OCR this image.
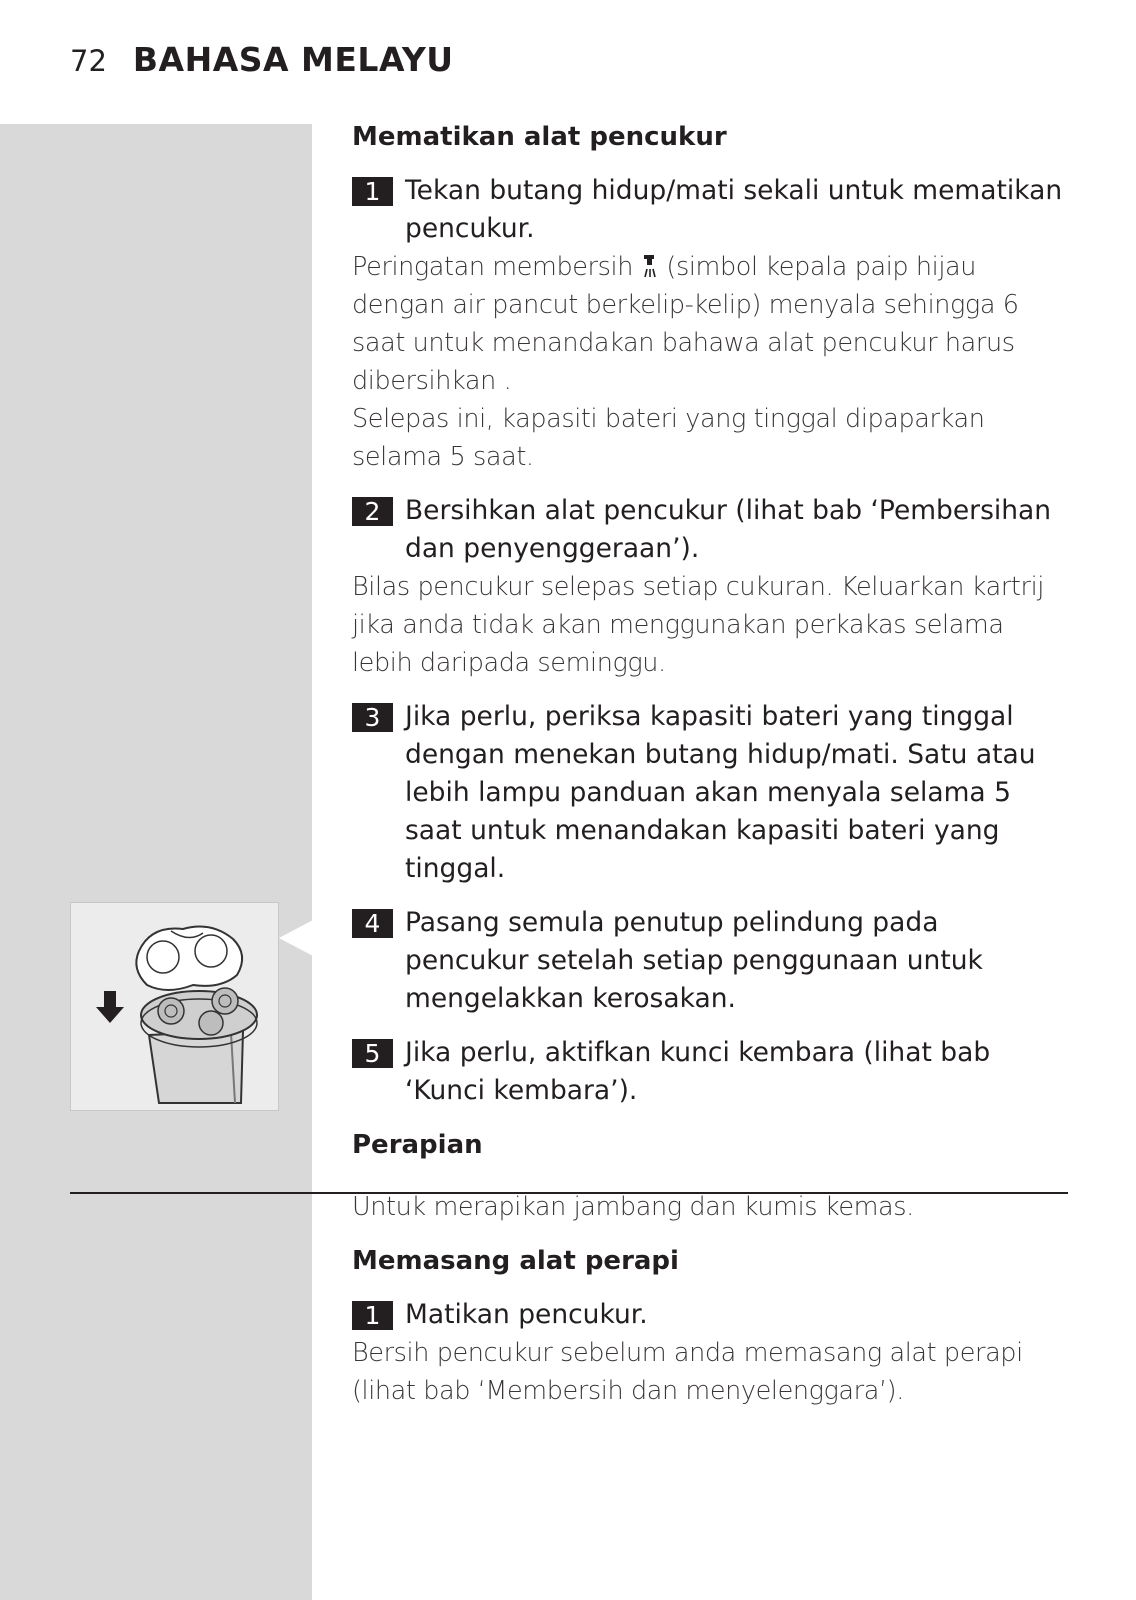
72 BAHASA MELAYU
Mematikan alat pencukur
1 Tekan butang hidup/mati sekali untuk mematikan pencukur.

Peringatan membersih  (simbol kepala paip hijau dengan air pancut berkelip-kelip) menyala sehingga 6 saat untuk menandakan bahawa alat pencukur harus dibersihkan .

Selepas ini, kapasiti bateri yang tinggal dipaparkan selama 5 saat.

2 Bersihkan alat pencukur (lihat bab ‘Pembersihan dan penyenggeraan’).

Bilas pencukur selepas setiap cukuran. Keluarkan kartrij jika anda tidak akan menggunakan perkakas selama lebih daripada seminggu.

3 Jika perlu, periksa kapasiti bateri yang tinggal dengan menekan butang hidup/mati. Satu atau lebih lampu panduan akan menyala selama 5 saat untuk menandakan kapasiti bateri yang tinggal.
4 Pasang semula penutup pelindung pada pencukur setelah setiap penggunaan untuk mengelakkan kerosakan.
5 Jika perlu, aktifkan kunci kembara (lihat bab ‘Kunci kembara’).
Perapian

Untuk merapikan jambang dan kumis kemas.

Memasang alat perapi
1 Matikan pencukur.

Bersih pencukur sebelum anda memasang alat perapi (lihat bab ‘Membersih dan menyelenggara’).
